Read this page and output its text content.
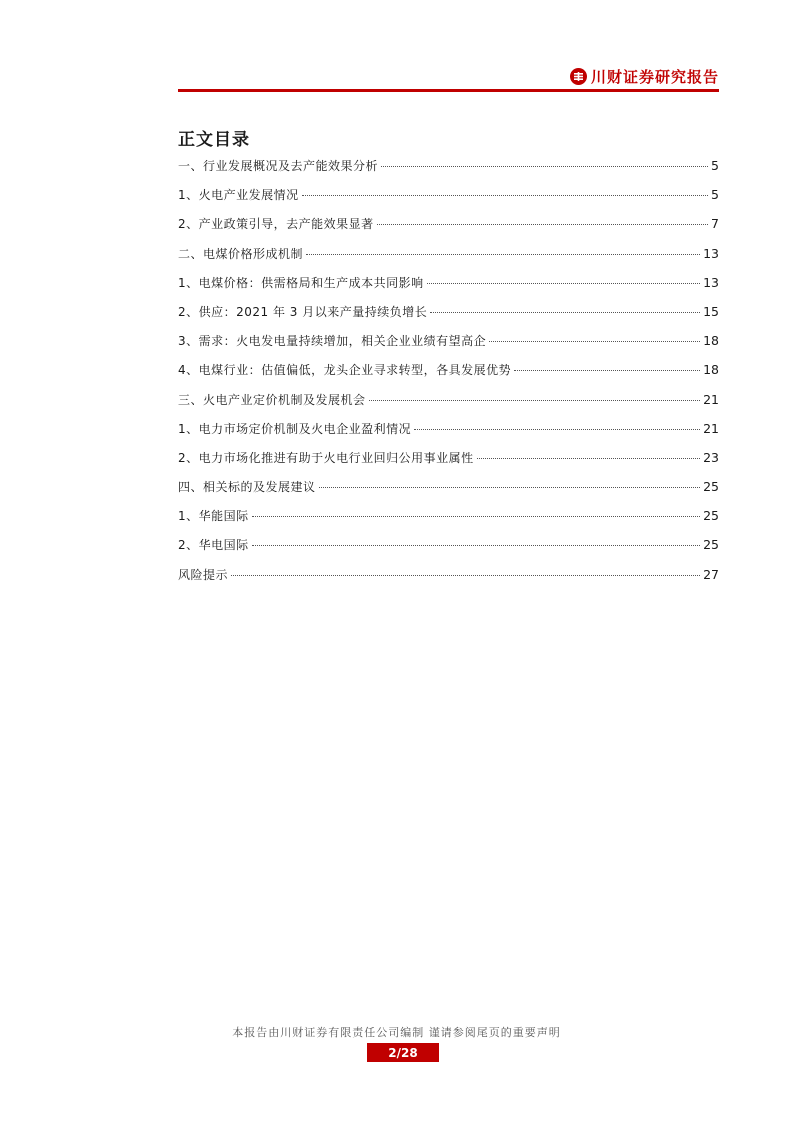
川财证券研究报告
正文目录
一、行业发展概况及去产能效果分析	5
1、火电产业发展情况	5
2、产业政策引导，去产能效果显著	7
二、电煤价格形成机制	13
1、电煤价格：供需格局和生产成本共同影响	13
2、供应：2021 年 3 月以来产量持续负增长	15
3、需求：火电发电量持续增加，相关企业业绩有望高企	18
4、电煤行业：估值偏低，龙头企业寻求转型，各具发展优势	18
三、火电产业定价机制及发展机会	21
1、电力市场定价机制及火电企业盈利情况	21
2、电力市场化推进有助于火电行业回归公用事业属性	23
四、相关标的及发展建议	25
1、华能国际	25
2、华电国际	25
风险提示	27
本报告由川财证券有限责任公司编制 谨请参阅尾页的重要声明
2/28
